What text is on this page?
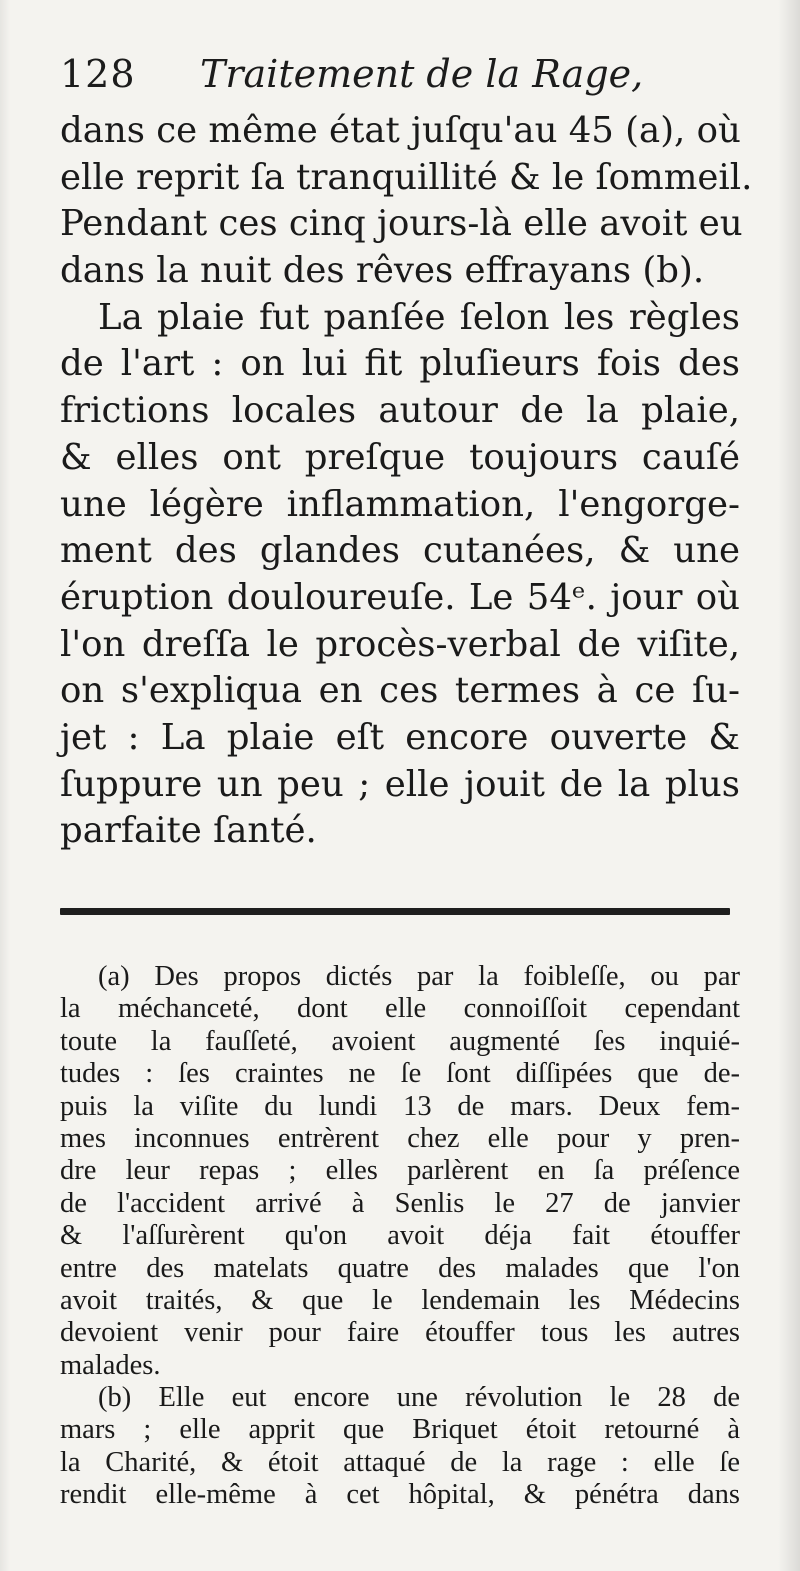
128 Traitement de la Rage,
dans ce même état juſqu'au 45 (a), où
elle reprit ſa tranquillité & le ſommeil.
Pendant ces cinq jours-là elle avoit eu
dans la nuit des rêves effrayans (b).
La plaie fut panſée ſelon les règles
de l'art : on lui fit pluſieurs fois des
frictions locales autour de la plaie,
& elles ont preſque toujours cauſé
une légère inflammation, l'engorge-
ment des glandes cutanées, & une
éruption douloureuſe. Le 54ᵉ. jour où
l'on dreſſa le procès-verbal de viſite,
on s'expliqua en ces termes à ce ſu-
jet : La plaie eſt encore ouverte &
ſuppure un peu ; elle jouit de la plus
parfaite ſanté.
(a) Des propos dictés par la foibleſſe, ou par
la méchanceté, dont elle connoiſſoit cependant
toute la fauſſeté, avoient augmenté ſes inquié-
tudes : ſes craintes ne ſe ſont diſſipées que de-
puis la viſite du lundi 13 de mars. Deux fem-
mes inconnues entrèrent chez elle pour y pren-
dre leur repas ; elles parlèrent en ſa préſence
de l'accident arrivé à Senlis le 27 de janvier
& l'aſſurèrent qu'on avoit déja fait étouffer
entre des matelats quatre des malades que l'on
avoit traités, & que le lendemain les Médecins
devoient venir pour faire étouffer tous les autres
malades.
(b) Elle eut encore une révolution le 28 de
mars ; elle apprit que Briquet étoit retourné à
la Charité, & étoit attaqué de la rage : elle ſe
rendit elle-même à cet hôpital, & pénétra dans
